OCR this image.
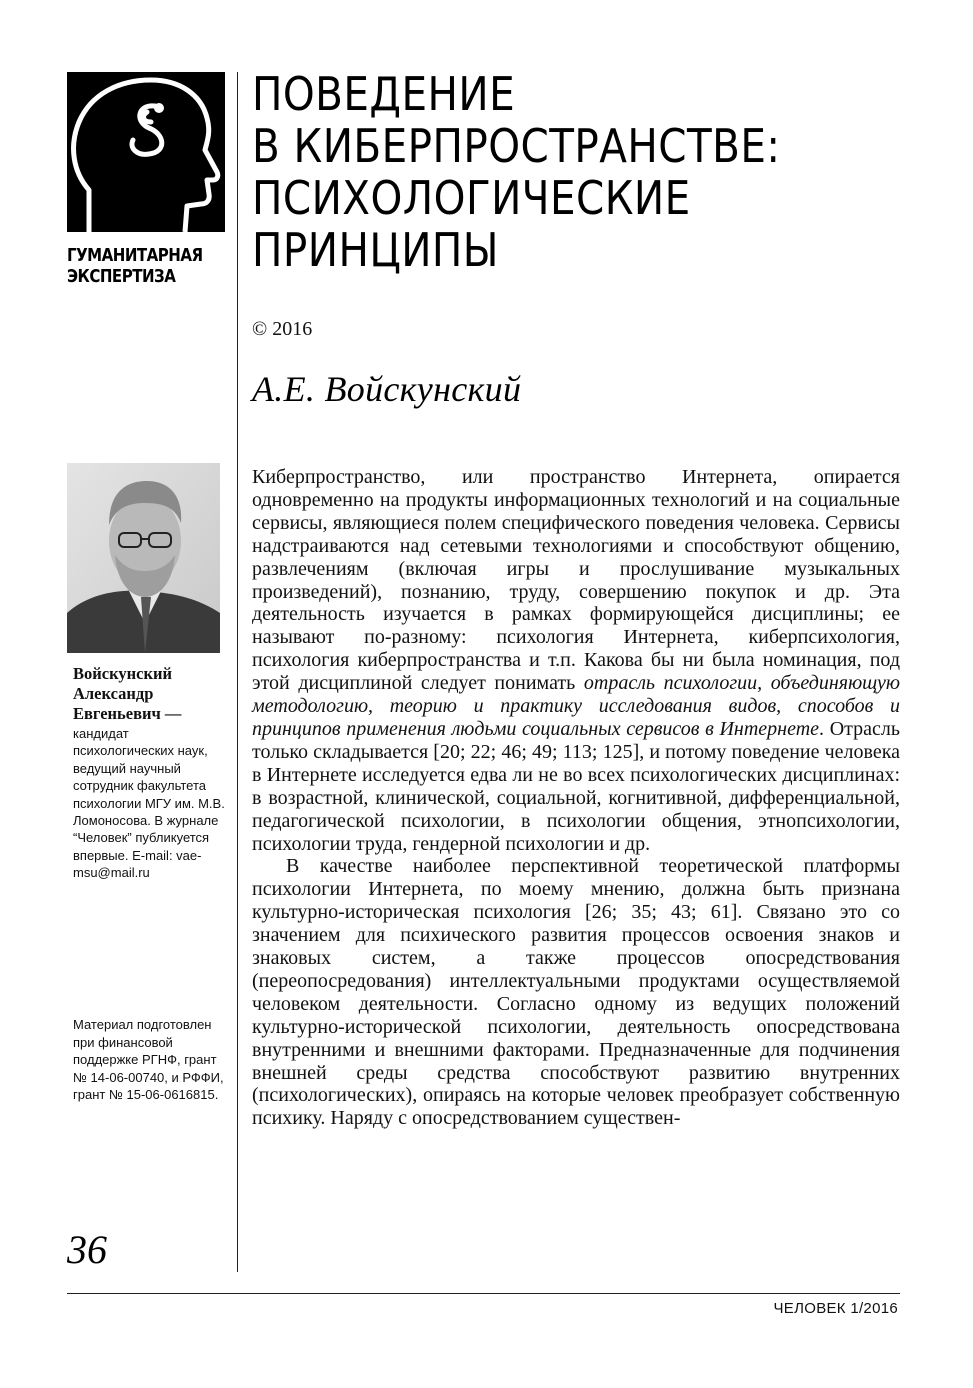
ГУМАНИТАРНАЯ
ЭКСПЕРТИЗА
ПОВЕДЕНИЕ
В КИБЕРПРОСТРАНСТВЕ:
ПСИХОЛОГИЧЕСКИЕ
ПРИНЦИПЫ
© 2016
А.Е. Войскунский
Войскунский
Александр
Евгеньевич —
кандидат психологических наук, ведущий научный сотрудник факультета психологии МГУ им. М.В. Ломоносова. В журнале “Человек” публикуется впервые. E-mail: vae-msu@mail.ru
Материал подготовлен при финансовой поддержке РГНФ, грант № 14-06-00740, и РФФИ, грант № 15-06-0616815.
36

Киберпространство, или пространство Интернета, опирается одновременно на продукты информационных технологий и на социальные сервисы, являющиеся полем специфического поведения человека. Сервисы надстраиваются над сетевыми технологиями и способствуют общению, развлечениям (включая игры и прослушивание музыкальных произведений), познанию, труду, совершению покупок и др. Эта деятельность изучается в рамках формирующейся дисциплины; ее называют по-разному: психология Интернета, киберпсихология, психология киберпространства и т.п. Какова бы ни была номинация, под этой дисциплиной следует понимать отрасль психологии, объединяющую методологию, теорию и практику исследования видов, способов и принципов применения людьми социальных сервисов в Интернете. Отрасль только складывается [20; 22; 46; 49; 113; 125], и потому поведение человека в Интернете исследуется едва ли не во всех психологических дисциплинах: в возрастной, клинической, социальной, когнитивной, дифференциальной, педагогической психологии, в психологии общения, этнопсихологии, психологии труда, гендерной психологии и др.

В качестве наиболее перспективной теоретической платформы психологии Интернета, по моему мнению, должна быть признана культурно-историческая психология [26; 35; 43; 61]. Связано это со значением для психического развития процессов освоения знаков и знаковых систем, а также процессов опосредствования (переопосредования) интеллектуальными продуктами осуществляемой человеком деятельности. Согласно одному из ведущих положений культурно-исторической психологии, деятельность опосредствована внутренними и внешними факторами. Предназначенные для подчинения внешней среды средства способствуют развитию внутренних (психологических), опираясь на которые человек преобразует собственную психику. Наряду с опосредствованием существен-

ЧЕЛОВЕК 1/2016
